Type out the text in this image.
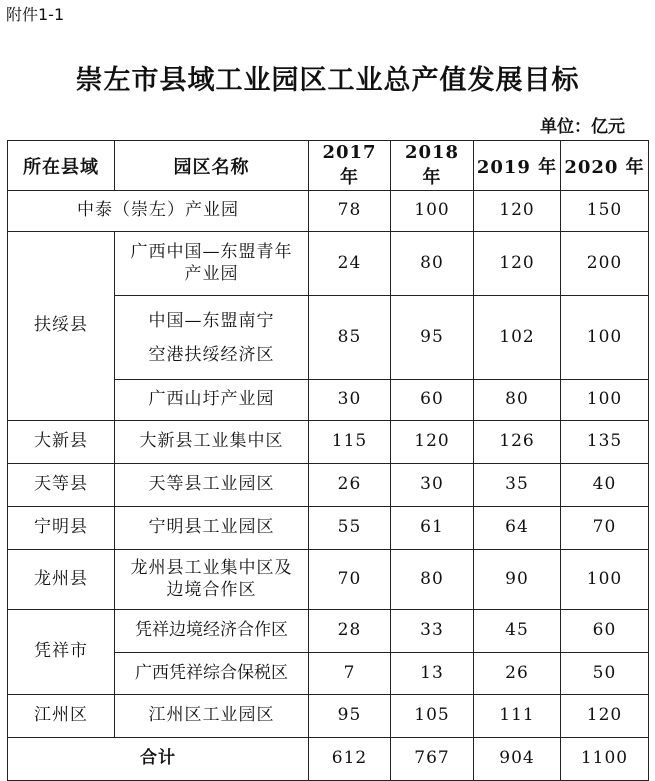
附件1-1
崇左市县域工业园区工业总产值发展目标
单位：亿元
所在县域	园区名称	2017 年	2018 年	2019 年	2020 年
中泰（崇左）产业园		78	100	120	150
扶绥县	广西中国—东盟青年产业园	24	80	120	200
	中国—东盟南宁空港扶绥经济区	85	95	102	100
	广西山圩产业园	30	60	80	100
大新县	大新县工业集中区	115	120	126	135
天等县	天等县工业园区	26	30	35	40
宁明县	宁明县工业园区	55	61	64	70
龙州县	龙州县工业集中区及边境合作区	70	80	90	100
凭祥市	凭祥边境经济合作区	28	33	45	60
	广西凭祥综合保税区	7	13	26	50
江州区	江州区工业园区	95	105	111	120
合计		612	767	904	1100
